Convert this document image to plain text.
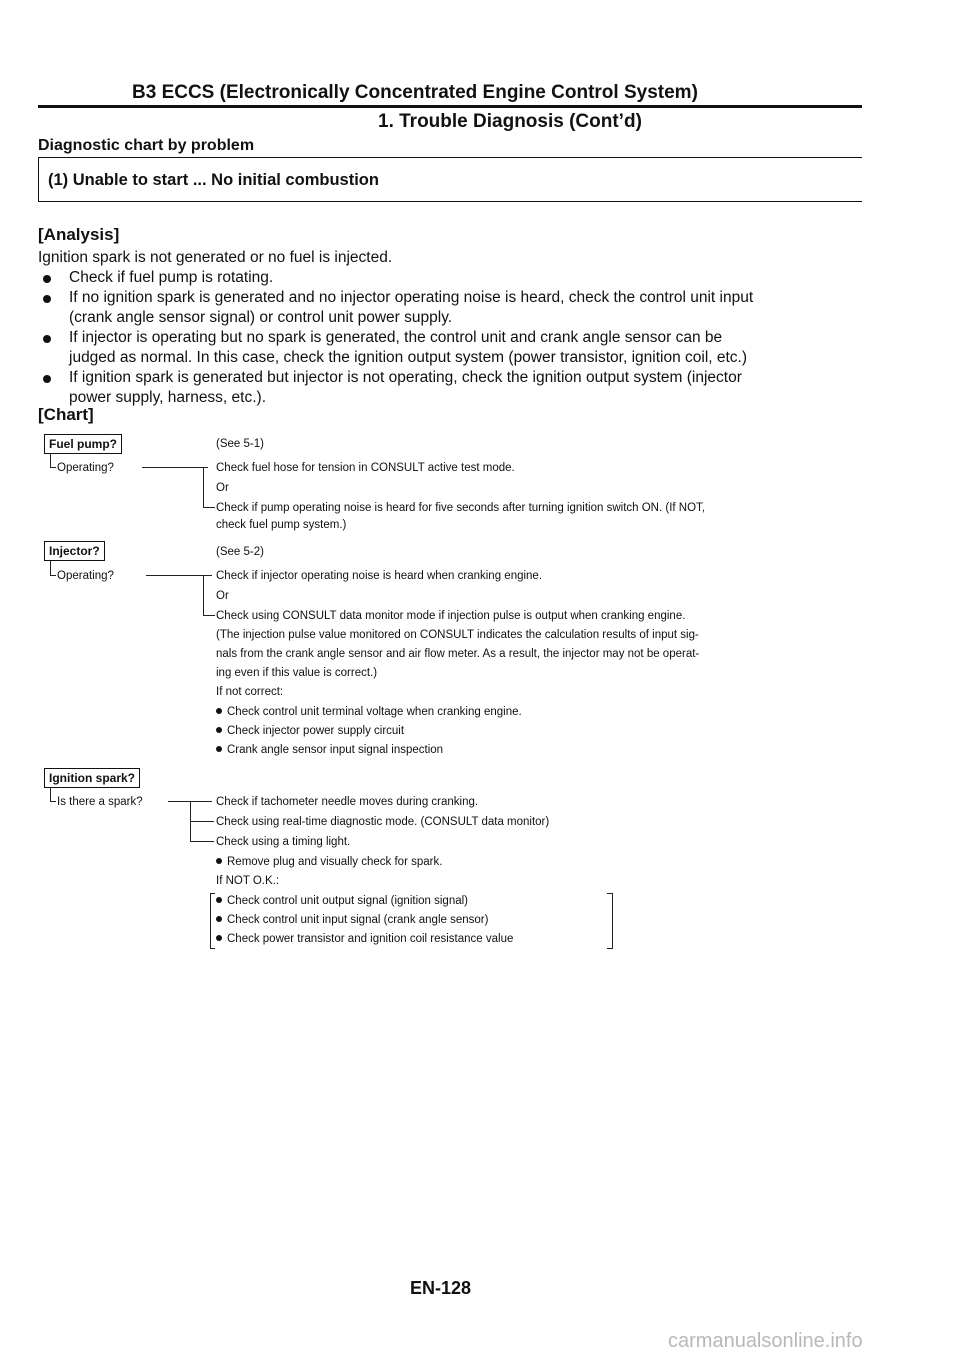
B3 ECCS (Electronically Concentrated Engine Control System)
1. Trouble Diagnosis (Cont’d)
Diagnostic chart by problem
(1) Unable to start ... No initial combustion
[Analysis]
Ignition spark is not generated or no fuel is injected.
Check if fuel pump is rotating.
If no ignition spark is generated and no injector operating noise is heard, check the control unit input
(crank angle sensor signal) or control unit power supply.
If injector is operating but no spark is generated, the control unit and crank angle sensor can be
judged as normal. In this case, check the ignition output system (power transistor, ignition coil, etc.)
If ignition spark is generated but injector is not operating, check the ignition output system (injector
power supply, harness, etc.).
[Chart]
Fuel pump?	(See 5-1)
Operating?	Check fuel hose for tension in CONSULT active test mode.
Or
Check if pump operating noise is heard for five seconds after turning ignition switch ON. (If NOT,
check fuel pump system.)
Injector?	(See 5-2)
Operating?	Check if injector operating noise is heard when cranking engine.
Or
Check using CONSULT data monitor mode if injection pulse is output when cranking engine.
(The injection pulse value monitored on CONSULT indicates the calculation results of input sig-
nals from the crank angle sensor and air flow meter. As a result, the injector may not be operat-
ing even if this value is correct.)
If not correct:
Check control unit terminal voltage when cranking engine.
Check injector power supply circuit
Crank angle sensor input signal inspection
Ignition spark?
Is there a spark?	Check if tachometer needle moves during cranking.
Check using real-time diagnostic mode. (CONSULT data monitor)
Check using a timing light.
Remove plug and visually check for spark.
If NOT O.K.:
Check control unit output signal (ignition signal)
Check control unit input signal (crank angle sensor)
Check power transistor and ignition coil resistance value
EN-128
carmanualsonline.info
